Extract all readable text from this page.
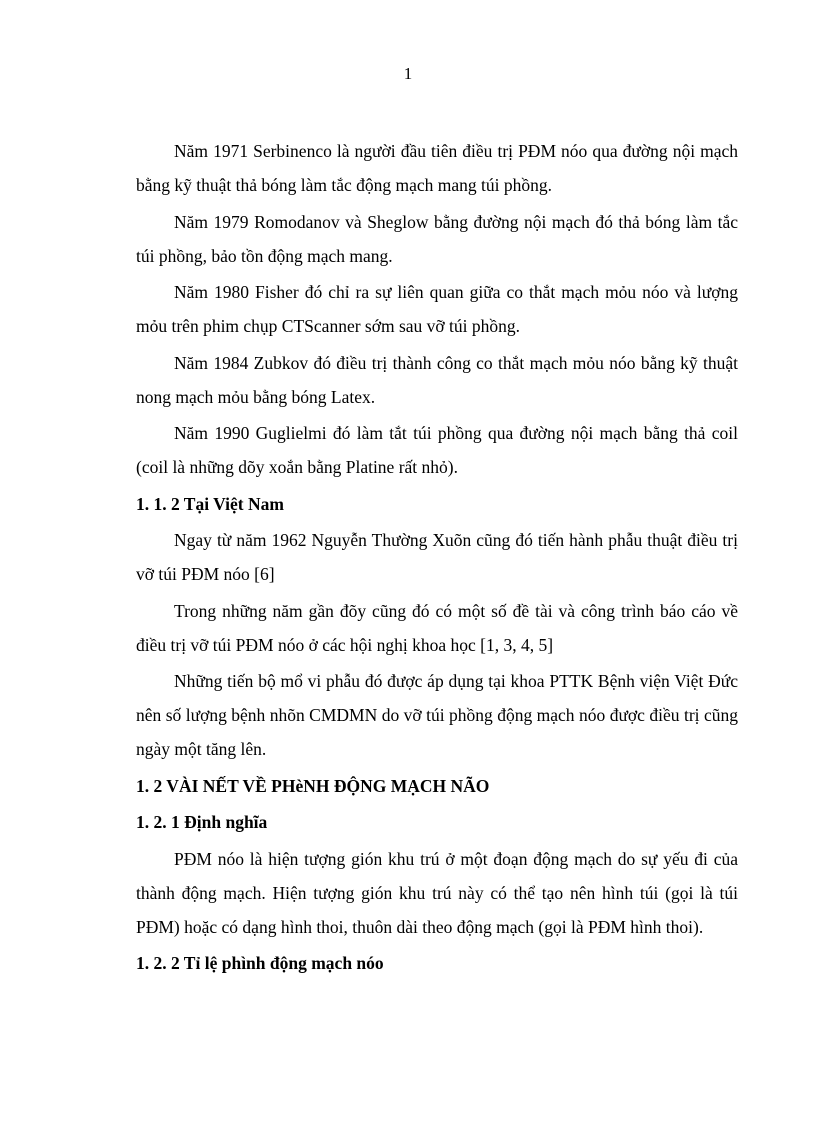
1

Năm 1971 Serbinenco là người đầu tiên điều trị PĐM nóo qua đường nội mạch bằng kỹ thuật thả bóng làm tắc động mạch mang túi phồng.

Năm 1979 Romodanov và Sheglow bằng đường nội mạch đó thả bóng làm tắc túi phồng, bảo tồn động mạch mang.

Năm 1980 Fisher đó chỉ ra sự liên quan giữa co thắt mạch mỏu nóo và lượng mỏu trên phim chụp CTScanner sớm sau vỡ túi phồng.

Năm 1984 Zubkov đó điều trị thành công co thắt mạch mỏu nóo bằng kỹ thuật nong mạch mỏu bằng bóng Latex.

Năm 1990 Guglielmi đó làm tắt túi phồng qua đường nội mạch bằng thả coil (coil là những dõy xoắn bằng Platine rất nhỏ).

1. 1. 2 Tại Việt Nam

Ngay từ năm 1962 Nguyễn Thường Xuõn cũng đó tiến hành phẫu thuật điều trị vỡ túi PĐM nóo [6]

Trong những năm gần đõy cũng đó có một số đề tài và công trình báo cáo về điều trị vỡ túi PĐM nóo ở các hội nghị khoa học [1, 3, 4, 5]

Những tiến bộ mổ vi phẫu đó được áp dụng tại khoa PTTK Bệnh viện Việt Đức nên số lượng bệnh nhõn CMDMN do vỡ túi phồng động mạch nóo được điều trị cũng ngày một tăng lên.

1. 2 VÀI NẾT VỀ PHèNH ĐỘNG MẠCH NÃO

1. 2. 1 Định nghĩa

PĐM nóo là hiện tượng gión khu trú ở một đoạn động mạch do sự yếu đi của thành động mạch. Hiện tượng gión khu trú này có thể tạo nên hình túi (gọi là túi PĐM) hoặc có dạng hình thoi, thuôn dài theo động mạch (gọi là PĐM hình thoi).

1. 2. 2 Tỉ lệ phình động mạch nóo
